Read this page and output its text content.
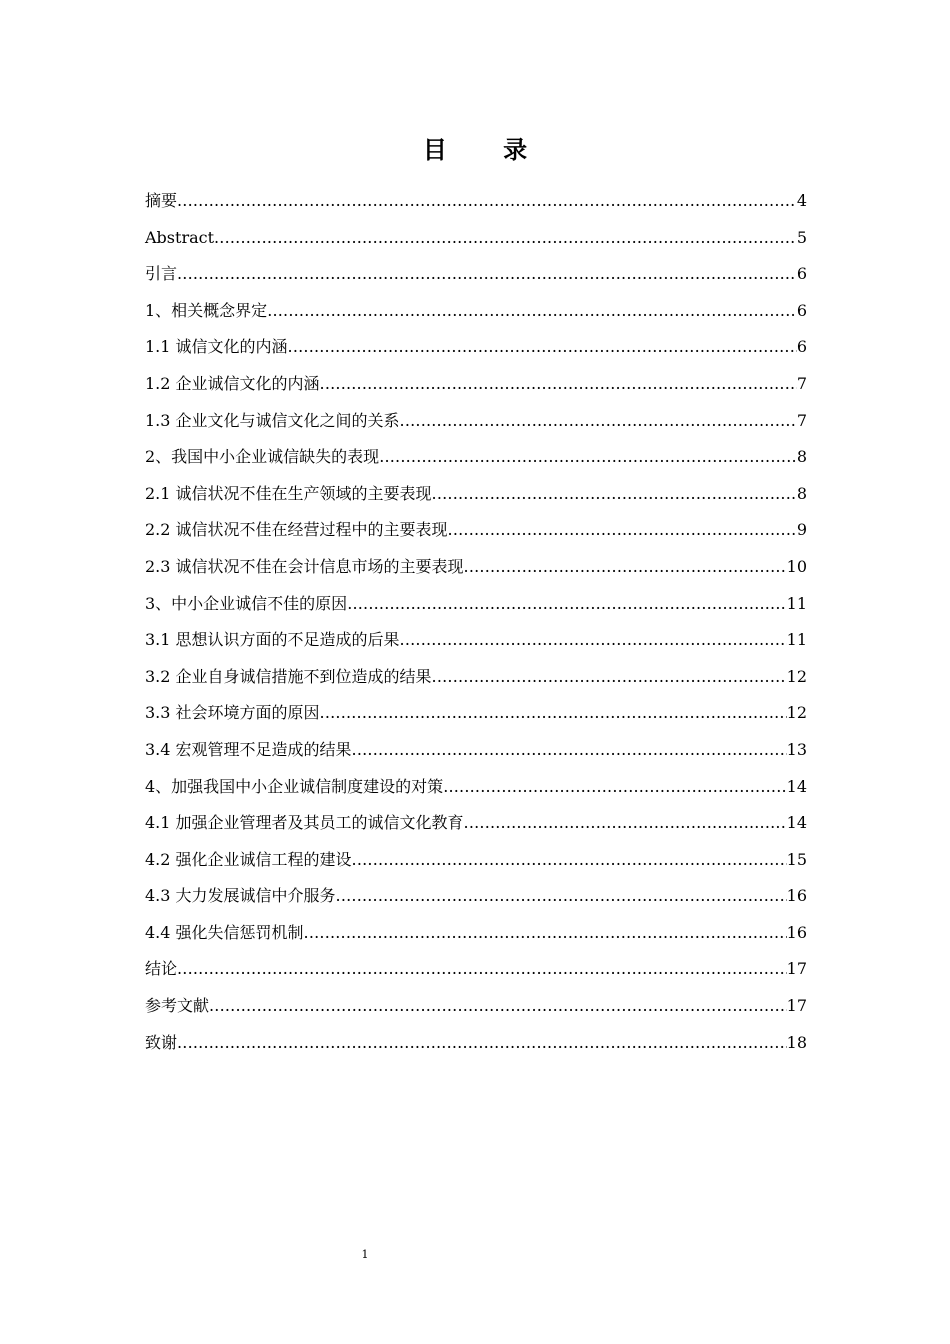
目 录
摘要 .....	4
Abstract .....	5
引言 .....	6
1、相关概念界定 .....	6
1.1 诚信文化的内涵 .....	6
1.2 企业诚信文化的内涵 .....	7
1.3 企业文化与诚信文化之间的关系 .....	7
2、我国中小企业诚信缺失的表现 .....	8
2.1 诚信状况不佳在生产领域的主要表现 .....	8
2.2 诚信状况不佳在经营过程中的主要表现 .....	9
2.3 诚信状况不佳在会计信息市场的主要表现 .....	10
3、中小企业诚信不佳的原因 .....	11
3.1 思想认识方面的不足造成的后果 .....	11
3.2 企业自身诚信措施不到位造成的结果 .....	12
3.3 社会环境方面的原因 .....	12
3.4 宏观管理不足造成的结果 .....	13
4、加强我国中小企业诚信制度建设的对策 .....	14
4.1 加强企业管理者及其员工的诚信文化教育 .....	14
4.2 强化企业诚信工程的建设 .....	15
4.3 大力发展诚信中介服务 .....	16
4.4 强化失信惩罚机制 .....	16
结论 .....	17
参考文献 .....	17
致谢 .....	18
1
